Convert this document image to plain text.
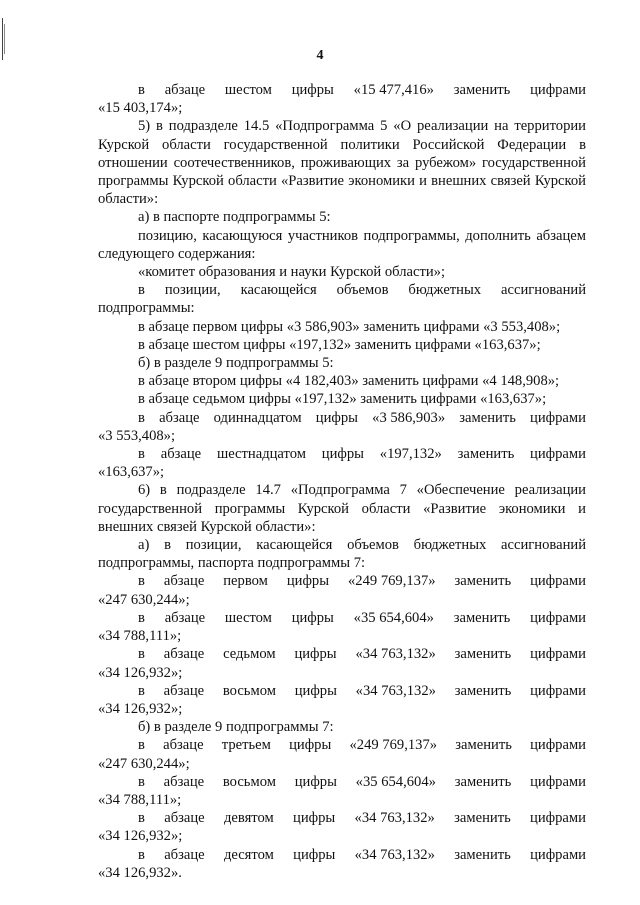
4
в абзаце шестом цифры «15 477,416» заменить цифрами
«15 403,174»;
5) в подразделе 14.5 «Подпрограмма 5 «О реализации на территории Курской области государственной политики Российской Федерации в отношении соотечественников, проживающих за рубежом» государственной программы Курской области «Развитие экономики и внешних связей Курской области»:
а) в паспорте подпрограммы 5:
позицию, касающуюся участников подпрограммы, дополнить абзацем следующего содержания:
«комитет образования и науки Курской области»;
в позиции, касающейся объемов бюджетных ассигнований подпрограммы:
в абзаце первом цифры «3 586,903» заменить цифрами «3 553,408»;
в абзаце шестом цифры «197,132» заменить цифрами «163,637»;
б) в разделе 9 подпрограммы 5:
в абзаце втором цифры «4 182,403» заменить цифрами «4 148,908»;
в абзаце седьмом цифры «197,132» заменить цифрами «163,637»;
в абзаце одиннадцатом цифры «3 586,903» заменить цифрами
«3 553,408»;
в абзаце шестнадцатом цифры «197,132» заменить цифрами
«163,637»;
6) в подразделе 14.7 «Подпрограмма 7 «Обеспечение реализации государственной программы Курской области «Развитие экономики и внешних связей Курской области»:
а) в позиции, касающейся объемов бюджетных ассигнований подпрограммы, паспорта подпрограммы 7:
в абзаце первом цифры «249 769,137» заменить цифрами
«247 630,244»;
в абзаце шестом цифры «35 654,604» заменить цифрами
«34 788,111»;
в абзаце седьмом цифры «34 763,132» заменить цифрами
«34 126,932»;
в абзаце восьмом цифры «34 763,132» заменить цифрами
«34 126,932»;
б) в разделе 9 подпрограммы 7:
в абзаце третьем цифры «249 769,137» заменить цифрами
«247 630,244»;
в абзаце восьмом цифры «35 654,604» заменить цифрами
«34 788,111»;
в абзаце девятом цифры «34 763,132» заменить цифрами
«34 126,932»;
в абзаце десятом цифры «34 763,132» заменить цифрами
«34 126,932».
